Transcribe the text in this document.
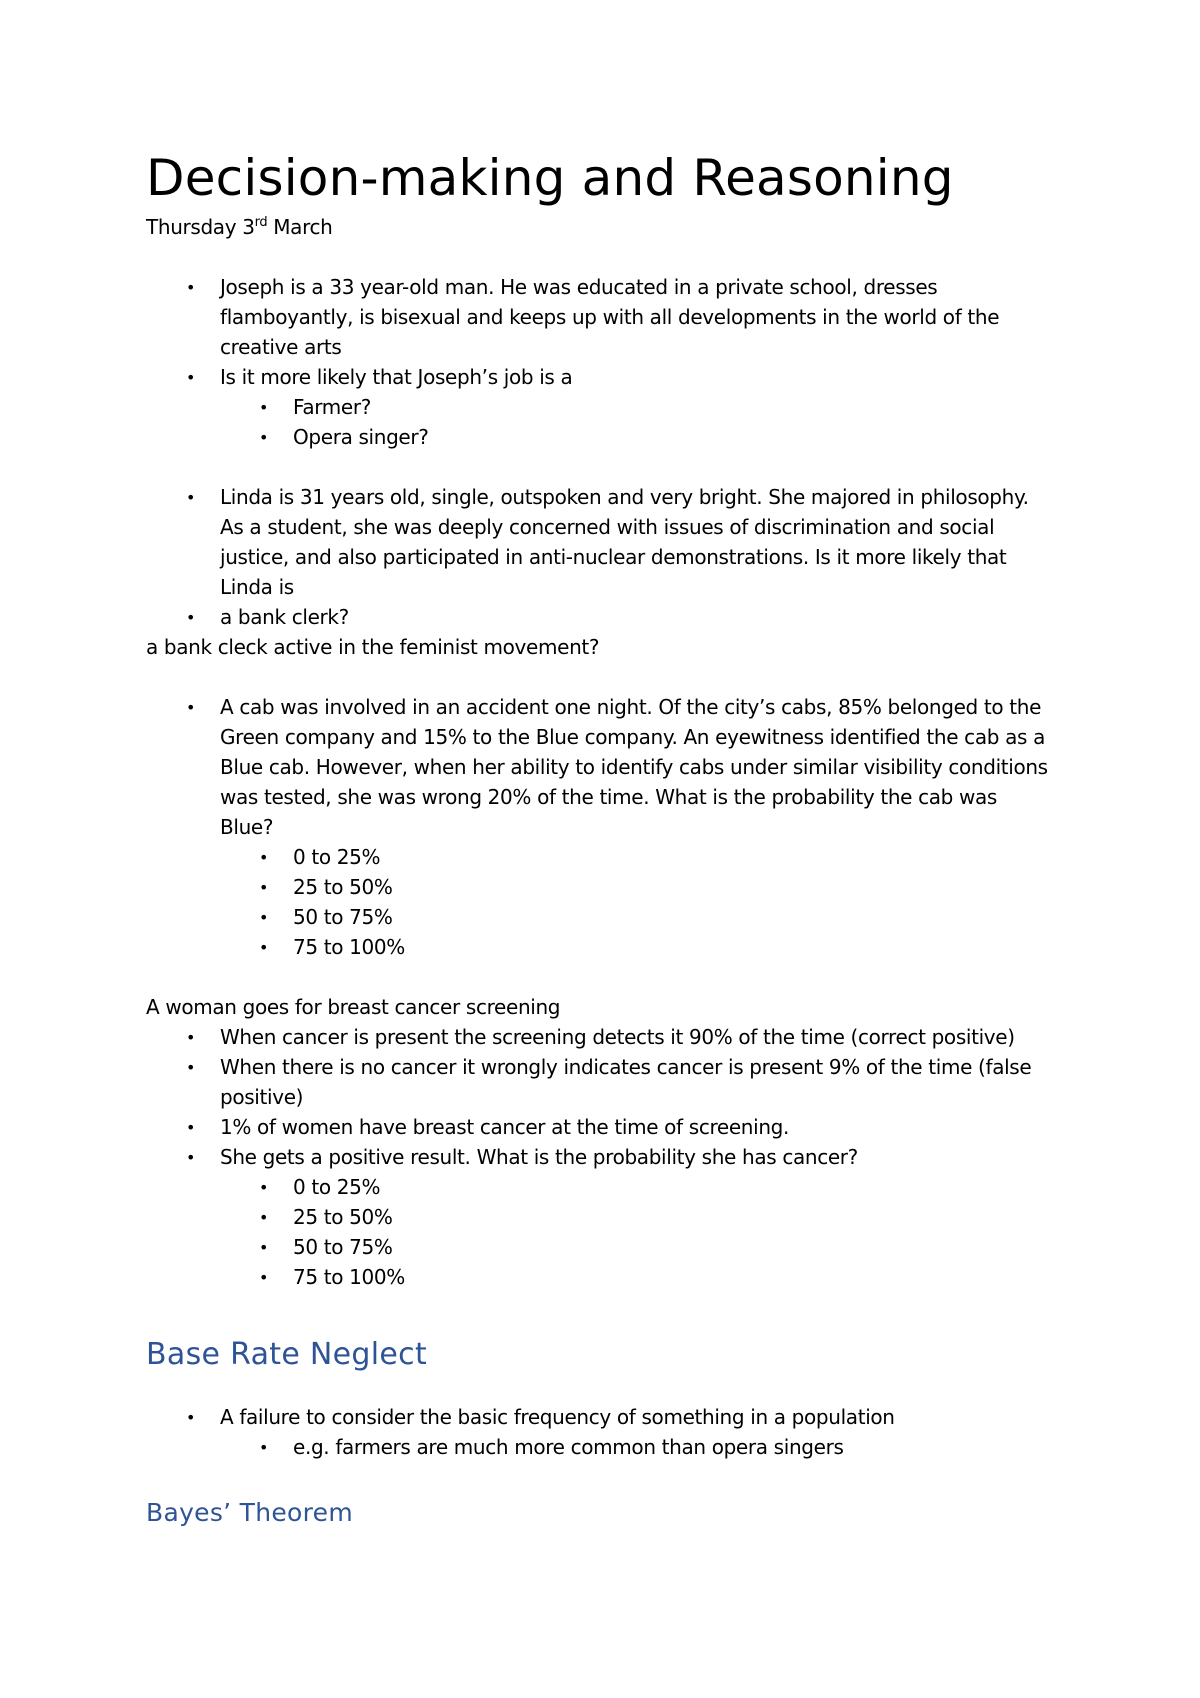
Decision-making and Reasoning
Thursday 3rd March
• Joseph is a 33 year-old man. He was educated in a private school, dresses
flamboyantly, is bisexual and keeps up with all developments in the world of the
creative arts
• Is it more likely that Joseph’s job is a
• Farmer?
• Opera singer?
• Linda is 31 years old, single, outspoken and very bright. She majored in philosophy.
As a student, she was deeply concerned with issues of discrimination and social
justice, and also participated in anti-nuclear demonstrations. Is it more likely that
Linda is
• a bank clerk?
a bank cleck active in the feminist movement?
• A cab was involved in an accident one night. Of the city’s cabs, 85% belonged to the
Green company and 15% to the Blue company. An eyewitness identified the cab as a
Blue cab. However, when her ability to identify cabs under similar visibility conditions
was tested, she was wrong 20% of the time. What is the probability the cab was
Blue?
• 0 to 25%
• 25 to 50%
• 50 to 75%
• 75 to 100%
A woman goes for breast cancer screening
• When cancer is present the screening detects it 90% of the time (correct positive)
• When there is no cancer it wrongly indicates cancer is present 9% of the time (false
positive)
• 1% of women have breast cancer at the time of screening.
• She gets a positive result. What is the probability she has cancer?
• 0 to 25%
• 25 to 50%
• 50 to 75%
• 75 to 100%
Base Rate Neglect
• A failure to consider the basic frequency of something in a population
• e.g. farmers are much more common than opera singers
Bayes’ Theorem
